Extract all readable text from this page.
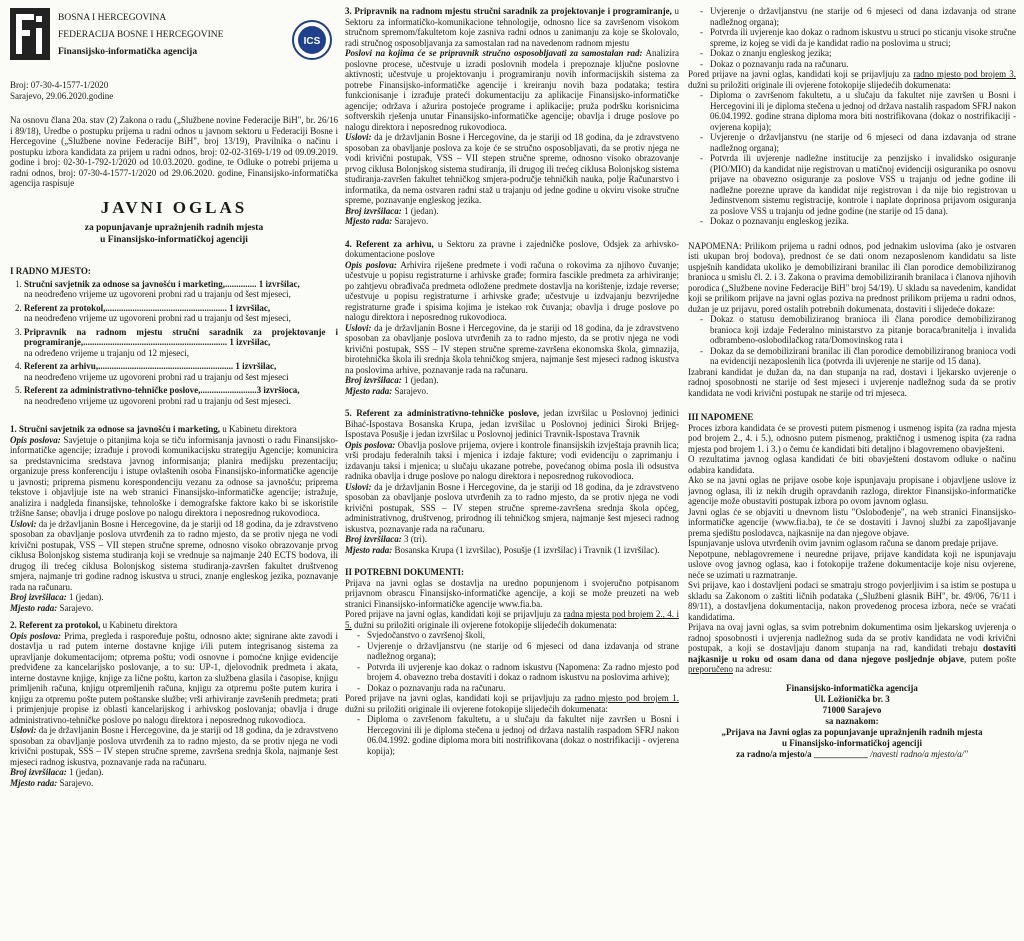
BOSNA I HERCEGOVINA
FEDERACIJA BOSNE I HERCEGOVINE
Finansijsko-informatička agencija
ICS

Broj: 07-30-4-1577-1/2020

Sarajevo, 29.06.2020.godine

Na osnovu člana 20a. stav (2) Zakona o radu („Službene novine Federacije BiH", br. 26/16 i 89/18), Uredbe o postupku prijema u radni odnos u javnom sektoru u Federaciji Bosne i Hercegovine („Službene novine Federacije BiH", broj 13/19), Pravilnika o načinu i postupku izbora kandidata za prijem u radni odnos, broj: 02-02-3169-1/19 od 09.09.2019. godine i broj: 02-30-1-792-1/2020 od 10.03.2020. godine, te Odluke o potrebi prijema u radni odnos, broj: 07-30-4-1577-1/2020 od 29.06.2020. godine, Finansijsko-informatička agencija raspisuje

JAVNI OGLAS
za popunjavanje upražnjenih radnih mjesta
u Finansijsko-informatičkoj agenciji

I RADNO MJESTO:

1. Stručni savjetnik za odnose sa javnošću i marketing,.............. 1 izvršilac,
na neodređeno vrijeme uz ugovoreni probni rad u trajanju od šest mjeseci,
2. Referent za protokol,...................................................... 1 izvršilac,
na neodređeno vrijeme uz ugovoreni probni rad u trajanju od šest mjeseci,
3. Pripravnik na radnom mjestu stručni saradnik za projektovanje i programiranje,................................................................ 1 izvršilac,
na određeno vrijeme u trajanju od 12 mjeseci,
4. Referent za arhivu,............................................................ 1 izvršilac,
na neodređeno vrijeme uz ugovoreni probni rad u trajanju od šest mjeseci
5. Referent za administrativno-tehničke poslove,.........................3 izvršioca,
na neodređeno vrijeme uz ugovoreni probni rad u trajanju od šest mjeseci.

1. Stručni savjetnik za odnose sa javnošću i marketing, u Kabinetu direktora

Opis poslova: Savjetuje o pitanjima koja se tiču informisanja javnosti o radu Finansijsko-informatičke agencije; izrađuje i provodi komunikacijsku strategiju Agencije; komunicira sa predstavnicima sredstava javnog informisanja; planira medijsku prezentaciju; organizuje press konferenciju i istupe ovlaštenih osoba Finansijsko-informatičke agencije u javnosti; priprema pismenu korespondenciju vezanu za odnose sa javnošću; priprema tekstove i objavljuje iste na web stranici Finansijsko-informatičke agencije; istražuje, analizira i nadgleda finansijske, tehnološke i demografske faktore kako bi se iskoristile tržišne šanse; obavlja i druge poslove po nalogu direktora i neposrednog rukovodioca.

Uslovi: da je državljanin Bosne i Hercegovine, da je stariji od 18 godina, da je zdravstveno sposoban za obavljanje poslova utvrđenih za to radno mjesto, da se protiv njega ne vodi krivični postupak, VSS – VII stepen stručne spreme, odnosno visoko obrazovanje prvog ciklusa Bolonjskog sistema studiranja koji se vrednuje sa najmanje 240 ECTS bodova, ili drugog ili trećeg ciklusa Bolonjskog sistema studiranja-završen fakultet društvenog smjera, najmanje tri godine radnog iskustva u struci, znanje engleskog jezika, poznavanje rada na računaru.

Broj izvršilaca: 1 (jedan).

Mjesto rada: Sarajevo.

2. Referent za protokol, u Kabinetu direktora

Opis poslova: Prima, pregleda i raspoređuje poštu, odnosno akte; signirane akte zavodi i dostavlja u rad putem interne dostavne knjige i/ili putem integrisanog sistema za upravljanje dokumentacijom; otprema poštu; vodi osnovne i pomoćne knjige evidencije predviđene za kancelarijsko poslovanje, a to su: UP-1, djelovodnik predmeta i akata, interne dostavne knjige, knjige za lične poštu, karton za službena glasila i časopise, knjigu primljenih računa, knjigu otpremljenih računa, knjigu za otpremu pošte putem kurira i knjigu za otpremu pošte putem poštanske službe; vrši arhiviranje završenih predmeta; prati i primjenjuje propise iz oblasti kancelarijskog i arhivskog poslovanja; obavlja i druge administrativno-tehničke poslove po nalogu direktora i neposrednog rukovodioca.

Uslovi: da je državljanin Bosne i Hercegovine, da je stariji od 18 godina, da je zdravstveno sposoban za obavljanje poslova utvrđenih za to radno mjesto, da se protiv njega ne vodi krivični postupak, SSS – IV stepen stručne spreme, završena srednja škola, najmanje šest mjeseci radnog iskustva, poznavanje rada na računaru.

Broj izvršilaca: 1 (jedan).

Mjesto rada: Sarajevo.

3. Pripravnik na radnom mjestu stručni saradnik za projektovanje i programiranje, u Sektoru za informatičko-komunikacione tehnologije, odnosno lice sa završenom visokom stručnom spremom/fakultetom koje zasniva radni odnos u zanimanju za koje se školovalo, radi stručnog osposobljavanja za samostalan rad na navedenom radnom mjestu

Poslovi na kojima će se pripravnik stručno osposobljavati za samostalan rad: Analizira poslovne procese, učestvuje u izradi poslovnih modela i prepoznaje ključne poslovne aktivnosti; učestvuje u projektovanju i programiranju novih informacijskih sistema za potrebe Finansijsko-informatičke agencije i kreiranju novih baza podataka; testira funkcionisanje i izrađuje prateći dokumentaciju za aplikacije Finansijsko-informatičke agencije; održava i ažurira postojeće programe i aplikacije; pruža podršku korisnicima softverskih rješenja unutar Finansijsko-informatičke agencije; obavlja i druge poslove po nalogu direktora i neposrednog rukovodioca.

Uslovi: da je državljanin Bosne i Hercegovine, da je stariji od 18 godina, da je zdravstveno sposoban za obavljanje poslova za koje će se stručno osposobljavati, da se protiv njega ne vodi krivični postupak, VSS – VII stepen stručne spreme, odnosno visoko obrazovanje prvog ciklusa Bolonjskog sistema studiranja, ili drugog ili trećeg ciklusa Bolonjskog sistema studiranja-završen fakultet tehničkog smjera-područje tehničkih nauka, polje Računarstvo i informatika, da nema ostvaren radni staž u trajanju od jedne godine u okviru visoke stručne spreme, poznavanje engleskog jezika.

Broj izvršilaca: 1 (jedan).

Mjesto rada: Sarajevo.

4. Referent za arhivu, u Sektoru za pravne i zajedničke poslove, Odsjek za arhivsko-dokumentacione poslove

Opis poslova: Arhivira riješene predmete i vodi računa o rokovima za njihovo čuvanje; učestvuje u popisu registraturne i arhivske građe; formira fascikle predmeta za arhiviranje; po zahtjevu obrađivača predmeta odložene predmete dostavlja na korištenje, izdaje reverse; učestvuje u popisu registraturne i arhivske građe; učestvuje u izdvajanju bezvrijedne registraturne građe i spisima kojima je istekao rok čuvanja; obavlja i druge poslove po nalogu direktora i neposrednog rukovodioca.

Uslovi: da je državljanin Bosne i Hercegovine, da je stariji od 18 godina, da je zdravstveno sposoban za obavljanje poslova utvrđenih za to radno mjesto, da se protiv njega ne vodi krivični postupak, SSS – IV stepen stručne spreme-završena ekonomska škola, gimnazija, birotehnička škola ili srednja škola tehničkog smjera, najmanje šest mjeseci radnog iskustva na poslovima arhive, poznavanje rada na računaru.

Broj izvršilaca: 1 (jedan).

Mjesto rada: Sarajevo.

5. Referent za administrativno-tehničke poslove, jedan izvršilac u Poslovnoj jedinici Bihać-Ispostava Bosanska Krupa, jedan izvršilac u Poslovnoj jedinici Široki Brijeg-Ispostava Posušje i jedan izvršilac u Poslovnoj jedinici Travnik-Ispostava Travnik

Opis poslova: Obavlja poslove prijema, ovjere i kontrole finansijskih izvještaja pravnih lica; vrši prodaju federalnih taksi i mjenica i izdaje fakture; vodi evidenciju o zaprimanju i izdavanju taksi i mjenica; u slučaju ukazane potrebe, povećanog obima posla ili odsustva radnika obavlja i druge poslove po nalogu direktora i neposrednog rukovodioca.

Uslovi: da je državljanin Bosne i Hercegovine, da je stariji od 18 godina, da je zdravstveno sposoban za obavljanje poslova utvrđenih za to radno mjesto, da se protiv njega ne vodi krivični postupak, SSS – IV stepen stručne spreme-završena srednja škola općeg, administrativnog, društvenog, prirodnog ili tehničkog smjera, najmanje šest mjeseci radnog iskustva, poznavanje rada na računaru.

Broj izvršilaca: 3 (tri).

Mjesto rada: Bosanska Krupa (1 izvršilac), Posušje (1 izvršilac) i Travnik (1 izvršilac).

II POTREBNI DOKUMENTI:

Prijava na javni oglas se dostavlja na uredno popunjenom i svojeručno potpisanom prijavnom obrascu Finansijsko-informatičke agencije, a koji se može preuzeti na web stranici Finansijsko-informatičke agencije www.fia.ba.

Pored prijave na javni oglas, kandidati koji se prijavljuju za radna mjesta pod brojem 2., 4. i 5. dužni su priložiti originale ili ovjerene fotokopije slijedećih dokumenata:

- Svjedočanstvo o završenoj školi,
- Uvjerenje o državljanstvu (ne starije od 6 mjeseci od dana izdavanja od strane nadležnog organa);
- Potvrda ili uvjerenje kao dokaz o radnom iskustvu (Napomena: Za radno mjesto pod brojem 4. obavezno treba dostaviti i dokaz o radnom iskustvu na poslovima arhive);
- Dokaz o poznavanju rada na računaru.

Pored prijave na javni oglas, kandidati koji se prijavljuju za radno mjesto pod brojem 1. dužni su priložiti originale ili ovjerene fotokopije slijedećih dokumenata:

- Diploma o završenom fakultetu, a u slučaju da fakultet nije završen u Bosni i Hercegovini ili je diploma stečena u jednoj od država nastalih raspadom SFRJ nakon 06.04.1992. godine diploma mora biti nostrifikovana (dokaz o nostrifikaciji - ovjerena kopija);
- Uvjerenje o državljanstvu (ne starije od 6 mjeseci od dana izdavanja od strane nadležnog organa);
- Potvrda ili uvjerenje kao dokaz o radnom iskustvu u struci po sticanju visoke stručne spreme, iz kojeg se vidi da je kandidat radio na poslovima u struci;
- Dokaz o znanju engleskog jezika;
- Dokaz o poznavanju rada na računaru.

Pored prijave na javni oglas, kandidati koji se prijavljuju za radno mjesto pod brojem 3. dužni su priložiti originale ili ovjerene fotokopije slijedećih dokumenata:

- Diploma o završenom fakultetu, a u slučaju da fakultet nije završen u Bosni i Hercegovini ili je diploma stečena u jednoj od država nastalih raspadom SFRJ nakon 06.04.1992. godine strana diploma mora biti nostrifikovana (dokaz o nostrifikaciji - ovjerena kopija);
- Uvjerenje o državljanstvu (ne starije od 6 mjeseci od dana izdavanja od strane nadležnog organa);
- Potvrda ili uvjerenje nadležne institucije za penzijsko i invalidsko osiguranje (PIO/MIO) da kandidat nije registrovan u matičnoj evidenciji osiguranika po osnovu prijave na obavezno osiguranje za poslove VSS u trajanju od jedne godine ili nadležne porezne uprave da kandidat nije registrovan i da nije bio registrovan u Jedinstvenom sistemu registracije, kontrole i naplate doprinosa prijavom osiguranja za poslove VSS u trajanju od jedne godine (ne starije od 15 dana).
- Dokaz o poznavanju engleskog jezika.

NAPOMENA: Prilikom prijema u radni odnos, pod jednakim uslovima (ako je ostvaren isti ukupan broj bodova), prednost će se dati onom nezaposlenom kandidatu sa liste uspješnih kandidata ukoliko je demobilizirani branilac ili član porodice demobiliziranog branioca u smislu čl. 2. i 3. Zakona o pravima demobiliziranih branilaca i članova njihovih porodica („Službene novine Federacije BiH" broj 54/19). U skladu sa navedenim, kandidat koji se prilikom prijave na javni oglas poziva na prednost prilikom prijema u radni odnos, dužan je uz prijavu, pored ostalih potrebnih dokumenata, dostaviti i slijedeće dokaze:

- Dokaz o statusu demobiliziranog branioca ili člana porodice demobiliziranog branioca koji izdaje Federalno ministarstvo za pitanje boraca/branitelja i invalida odbrambeno-oslobodilačkog rata/Domovinskog rata i
- Dokaz da se demobilizirani branilac ili član porodice demobiliziranog branioca vodi na evidenciji nezaposlenih lica (potvrda ili uvjerenje ne starije od 15 dana).

Izabrani kandidat je dužan da, na dan stupanja na rad, dostavi i ljekarsko uvjerenje o radnoj sposobnosti ne starije od šest mjeseci i uvjerenje nadležnog suda da se protiv kandidata ne vodi krivični postupak ne starije od tri mjeseca.

III NAPOMENE

Proces izbora kandidata će se provesti putem pismenog i usmenog ispita (za radna mjesta pod brojem 2., 4. i 5.), odnosno putem pismenog, praktičnog i usmenog ispita (za radna mjesta pod brojem 1. i 3.) o čemu će kandidati biti detaljno i blagovremeno obavješteni.

O rezultatima javnog oglasa kandidati će biti obavješteni dostavom odluke o načinu odabira kandidata.

Ako se na javni oglas ne prijave osobe koje ispunjavaju propisane i objavljene uslove iz javnog oglasa, ili iz nekih drugih opravdanih razloga, direktor Finansijsko-informatičke agencije može obustaviti postupak izbora po ovom javnom oglasu.

Javni oglas će se objaviti u dnevnom listu "Oslobođenje", na web stranici Finansijsko-informatičke agencije (www.fia.ba), te će se dostaviti i Javnoj službi za zapošljavanje prema sjedištu poslodavca, najkasnije na dan njegove objave.

Ispunjavanje uslova utvrđenih ovim javnim oglasom računa se danom predaje prijave.

Nepotpune, neblagovremene i neuredne prijave, prijave kandidata koji ne ispunjavaju uslove ovog javnog oglasa, kao i fotokopije tražene dokumentacije koje nisu ovjerene, neće se uzimati u razmatranje.

Svi prijave, kao i dostavljeni podaci se smatraju strogo povjerljivim i sa istim se postupa u skladu sa Zakonom o zaštiti ličnih podataka („Službeni glasnik BiH", br. 49/06, 76/11 i 89/11), a dostavljena dokumentacija, nakon provedenog procesa izbora, neće se vraćati kandidatima.

Prijava na ovaj javni oglas, sa svim potrebnim dokumentima osim ljekarskog uvjerenja o radnoj sposobnosti i uvjerenja nadležnog suda da se protiv kandidata ne vodi krivični postupak, a koji se dostavljaju danom stupanja na rad, kandidati trebaju dostaviti najkasnije u roku od osam dana od dana njegove posljednje objave, putem pošte preporučeno na adresu:

Finansijsko-informatička agencija
Ul. Ložionička br. 3
71000 Sarajevo
sa naznakom:
„Prijava na Javni oglas za popunjavanje upražnjenih radnih mjesta
u Finansijsko-informatičkoj agenciji
za radno/a mjesto/a ____________ /navesti radno/a mjesto/a/"
